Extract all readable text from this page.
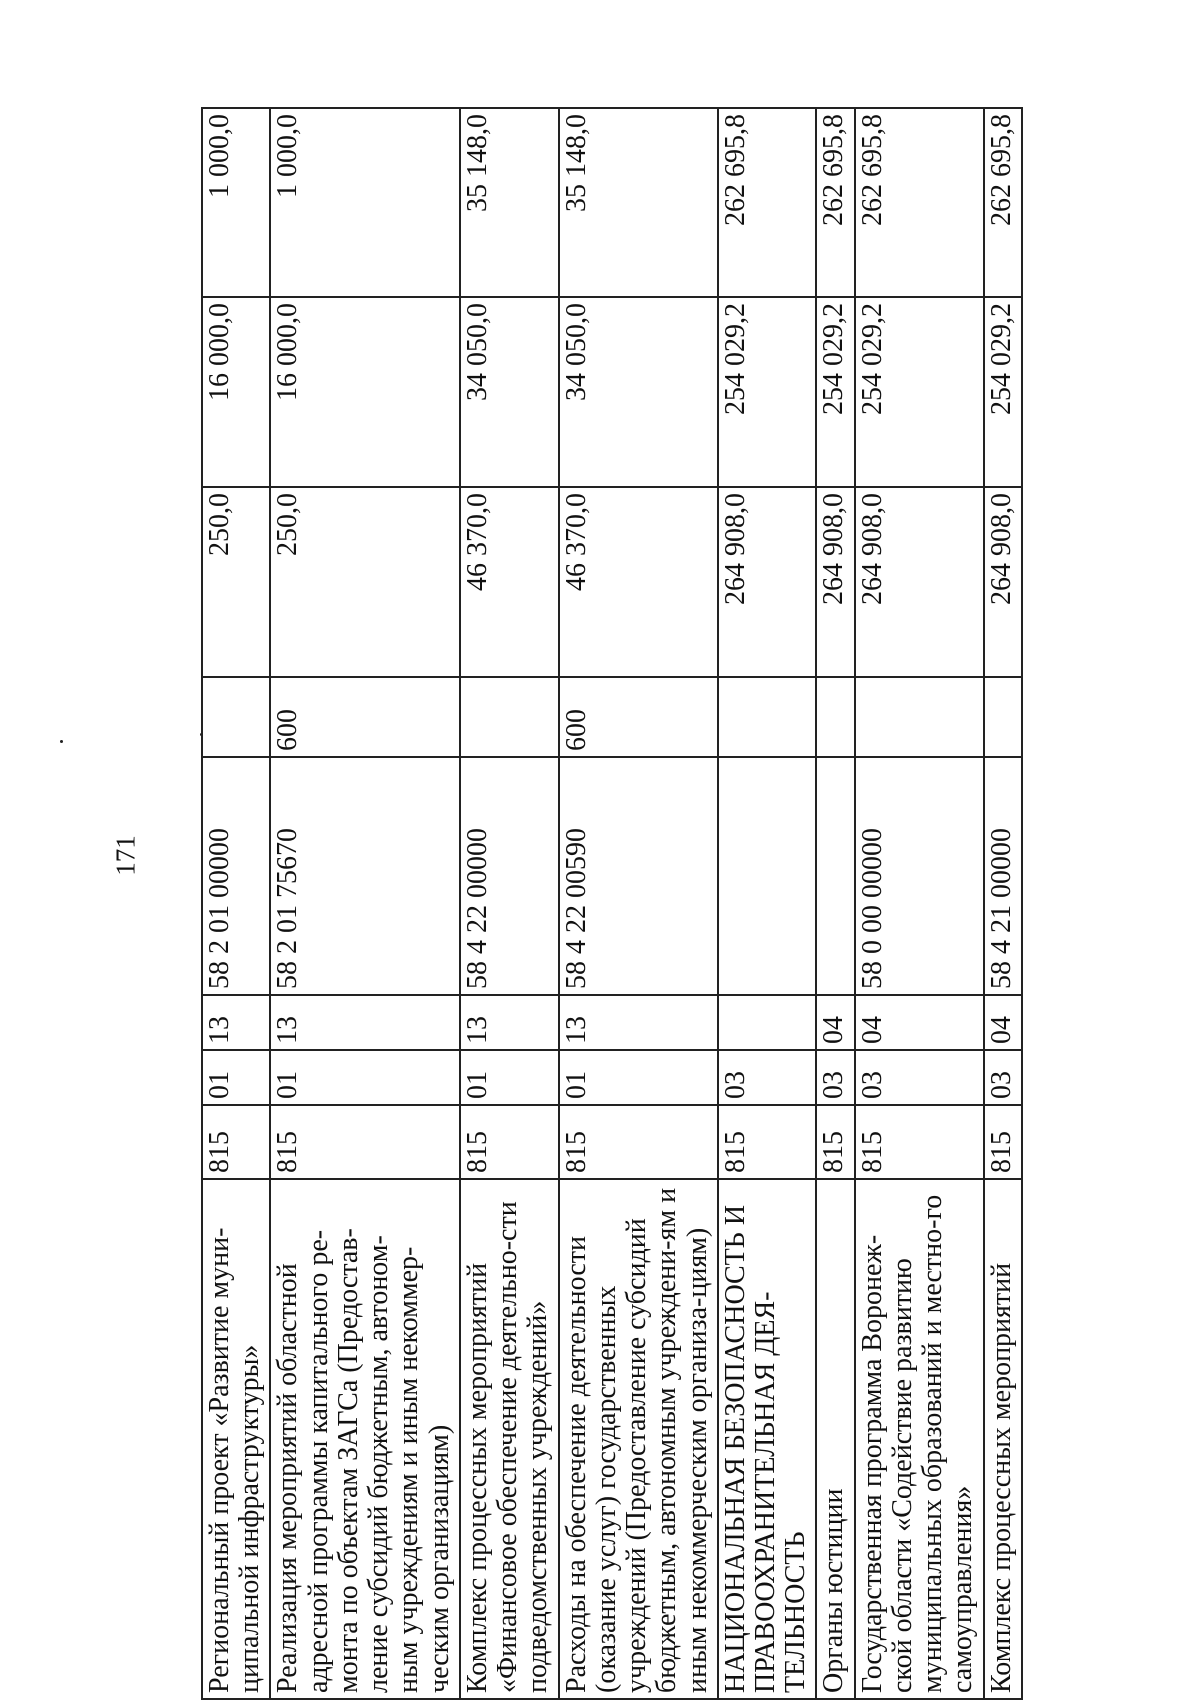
171
Региональный проект «Развитие муни-ципальной инфраструктуры»	815	01	13	58 2 01 00000		250,0	16 000,0	1 000,0
Реализация мероприятий областной адресной программы капитального ре-монта по объектам ЗАГСа (Предостав-ление субсидий бюджетным, автоном-ным учреждениям и иным некоммер-ческим организациям)	815	01	13	58 2 01 75670	600	250,0	16 000,0	1 000,0
Комплекс процессных мероприятий «Финансовое обеспечение деятельно-сти подведомственных учреждений»	815	01	13	58 4 22 00000		46 370,0	34 050,0	35 148,0
Расходы на обеспечение деятельности (оказание услуг) государственных учреждений (Предоставление субсидий бюджетным, автономным учреждени-ям и иным некоммерческим организа-циям)	815	01	13	58 4 22 00590	600	46 370,0	34 050,0	35 148,0
НАЦИОНАЛЬНАЯ БЕЗОПАСНОСТЬ И ПРАВООХРАНИТЕЛЬНАЯ ДЕЯ-ТЕЛЬНОСТЬ	815	03				264 908,0	254 029,2	262 695,8
Органы юстиции	815	03	04			264 908,0	254 029,2	262 695,8
Государственная программа Воронеж-ской области «Содействие развитию муниципальных образований и местно-го самоуправления»	815	03	04	58 0 00 00000		264 908,0	254 029,2	262 695,8
Комплекс процессных мероприятий	815	03	04	58 4 21 00000		264 908,0	254 029,2	262 695,8
